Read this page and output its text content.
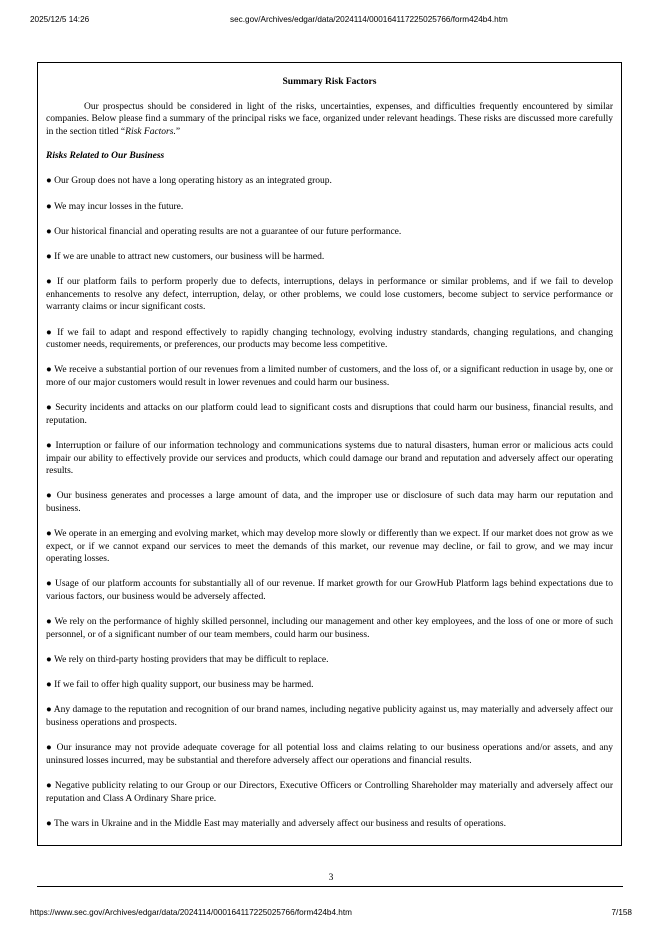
2025/12/5 14:26	sec.gov/Archives/edgar/data/2024114/000164117225025766/form424b4.htm
Summary Risk Factors

Our prospectus should be considered in light of the risks, uncertainties, expenses, and difficulties frequently encountered by similar companies. Below please find a summary of the principal risks we face, organized under relevant headings. These risks are discussed more carefully in the section titled “Risk Factors.”

Risks Related to Our Business
● Our Group does not have a long operating history as an integrated group.
● We may incur losses in the future.
● Our historical financial and operating results are not a guarantee of our future performance.
● If we are unable to attract new customers, our business will be harmed.
● If our platform fails to perform properly due to defects, interruptions, delays in performance or similar problems, and if we fail to develop enhancements to resolve any defect, interruption, delay, or other problems, we could lose customers, become subject to service performance or warranty claims or incur significant costs.
● If we fail to adapt and respond effectively to rapidly changing technology, evolving industry standards, changing regulations, and changing customer needs, requirements, or preferences, our products may become less competitive.
● We receive a substantial portion of our revenues from a limited number of customers, and the loss of, or a significant reduction in usage by, one or more of our major customers would result in lower revenues and could harm our business.
● Security incidents and attacks on our platform could lead to significant costs and disruptions that could harm our business, financial results, and reputation.
● Interruption or failure of our information technology and communications systems due to natural disasters, human error or malicious acts could impair our ability to effectively provide our services and products, which could damage our brand and reputation and adversely affect our operating results.
● Our business generates and processes a large amount of data, and the improper use or disclosure of such data may harm our reputation and business.
● We operate in an emerging and evolving market, which may develop more slowly or differently than we expect. If our market does not grow as we expect, or if we cannot expand our services to meet the demands of this market, our revenue may decline, or fail to grow, and we may incur operating losses.
● Usage of our platform accounts for substantially all of our revenue. If market growth for our GrowHub Platform lags behind expectations due to various factors, our business would be adversely affected.
● We rely on the performance of highly skilled personnel, including our management and other key employees, and the loss of one or more of such personnel, or of a significant number of our team members, could harm our business.
● We rely on third-party hosting providers that may be difficult to replace.
● If we fail to offer high quality support, our business may be harmed.
● Any damage to the reputation and recognition of our brand names, including negative publicity against us, may materially and adversely affect our business operations and prospects.
● Our insurance may not provide adequate coverage for all potential loss and claims relating to our business operations and/or assets, and any uninsured losses incurred, may be substantial and therefore adversely affect our operations and financial results.
● Negative publicity relating to our Group or our Directors, Executive Officers or Controlling Shareholder may materially and adversely affect our reputation and Class A Ordinary Share price.
● The wars in Ukraine and in the Middle East may materially and adversely affect our business and results of operations.
3
https://www.sec.gov/Archives/edgar/data/2024114/000164117225025766/form424b4.htm	7/158
